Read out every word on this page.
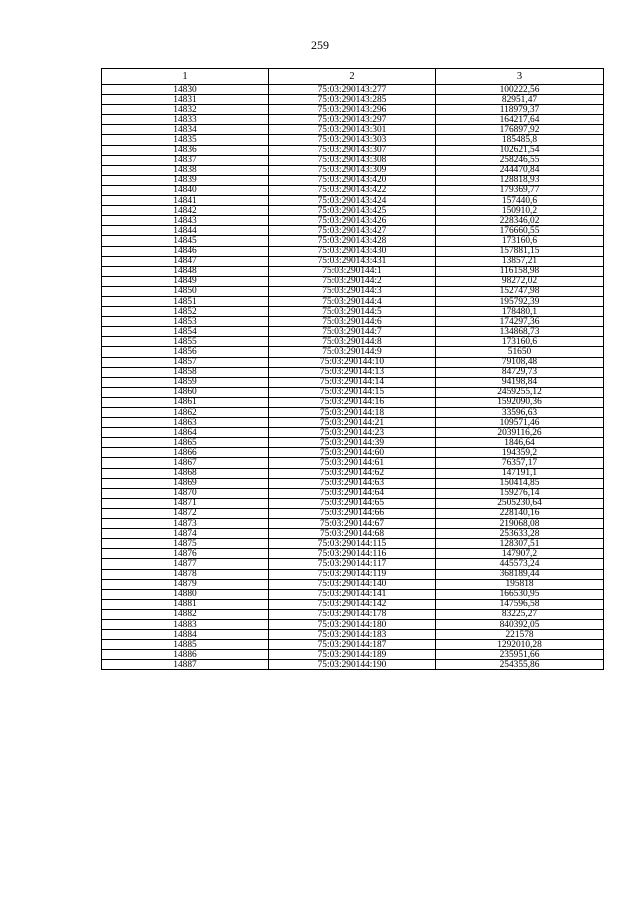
259
1	2	3
14830	75:03:290143:277	100222,56
14831	75:03:290143:285	82951,47
14832	75:03:290143:296	118979,37
14833	75:03:290143:297	164217,64
14834	75:03:290143:301	176897,92
14835	75:03:290143:303	185485,8
14836	75:03:290143:307	102621,54
14837	75:03:290143:308	258246,55
14838	75:03:290143:309	244470,84
14839	75:03:290143:420	128818,93
14840	75:03:290143:422	179369,77
14841	75:03:290143:424	157440,6
14842	75:03:290143:425	150910,2
14843	75:03:290143:426	228346,02
14844	75:03:290143:427	176660,55
14845	75:03:290143:428	173160,6
14846	75:03:290143:430	157881,15
14847	75:03:290143:431	13857,21
14848	75:03:290144:1	116158,98
14849	75:03:290144:2	98272,02
14850	75:03:290144:3	152747,98
14851	75:03:290144:4	195792,39
14852	75:03:290144:5	178480,1
14853	75:03:290144:6	174297,36
14854	75:03:290144:7	134868,73
14855	75:03:290144:8	173160,6
14856	75:03:290144:9	51650
14857	75:03:290144:10	79108,48
14858	75:03:290144:13	84729,73
14859	75:03:290144:14	94198,84
14860	75:03:290144:15	2459255,12
14861	75:03:290144:16	1592090,36
14862	75:03:290144:18	33596,63
14863	75:03:290144:21	109571,46
14864	75:03:290144:23	2039116,26
14865	75:03:290144:39	1846,64
14866	75:03:290144:60	194359,2
14867	75:03:290144:61	76357,17
14868	75:03:290144:62	147191,1
14869	75:03:290144:63	150414,85
14870	75:03:290144:64	159276,14
14871	75:03:290144:65	2505230,64
14872	75:03:290144:66	228140,16
14873	75:03:290144:67	219068,08
14874	75:03:290144:68	253633,28
14875	75:03:290144:115	128307,51
14876	75:03:290144:116	147907,2
14877	75:03:290144:117	445573,24
14878	75:03:290144:119	368189,44
14879	75:03:290144:140	195818
14880	75:03:290144:141	166530,95
14881	75:03:290144:142	147596,58
14882	75:03:290144:178	83225,27
14883	75:03:290144:180	840392,05
14884	75:03:290144:183	221578
14885	75:03:290144:187	1292010,28
14886	75:03:290144:189	235951,66
14887	75:03:290144:190	254355,86
